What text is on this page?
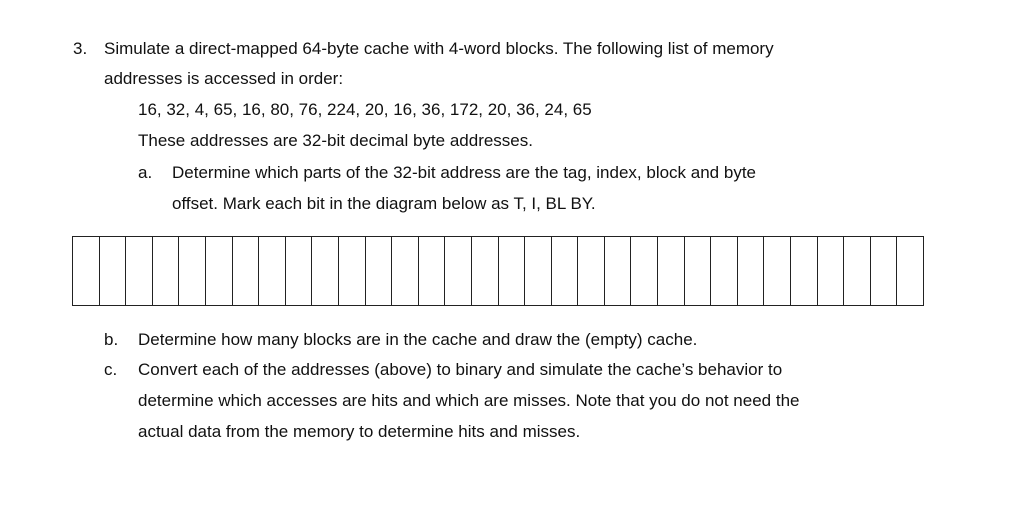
3. Simulate a direct-mapped 64-byte cache with 4-word blocks. The following list of memory
addresses is accessed in order:
16, 32, 4, 65, 16, 80, 76, 224, 20, 16, 36, 172, 20, 36, 24, 65
These addresses are 32-bit decimal byte addresses.
a. Determine which parts of the 32-bit address are the tag, index, block and byte
offset. Mark each bit in the diagram below as T, I, BL BY.
b. Determine how many blocks are in the cache and draw the (empty) cache.
c. Convert each of the addresses (above) to binary and simulate the cache’s behavior to
determine which accesses are hits and which are misses. Note that you do not need the
actual data from the memory to determine hits and misses.
